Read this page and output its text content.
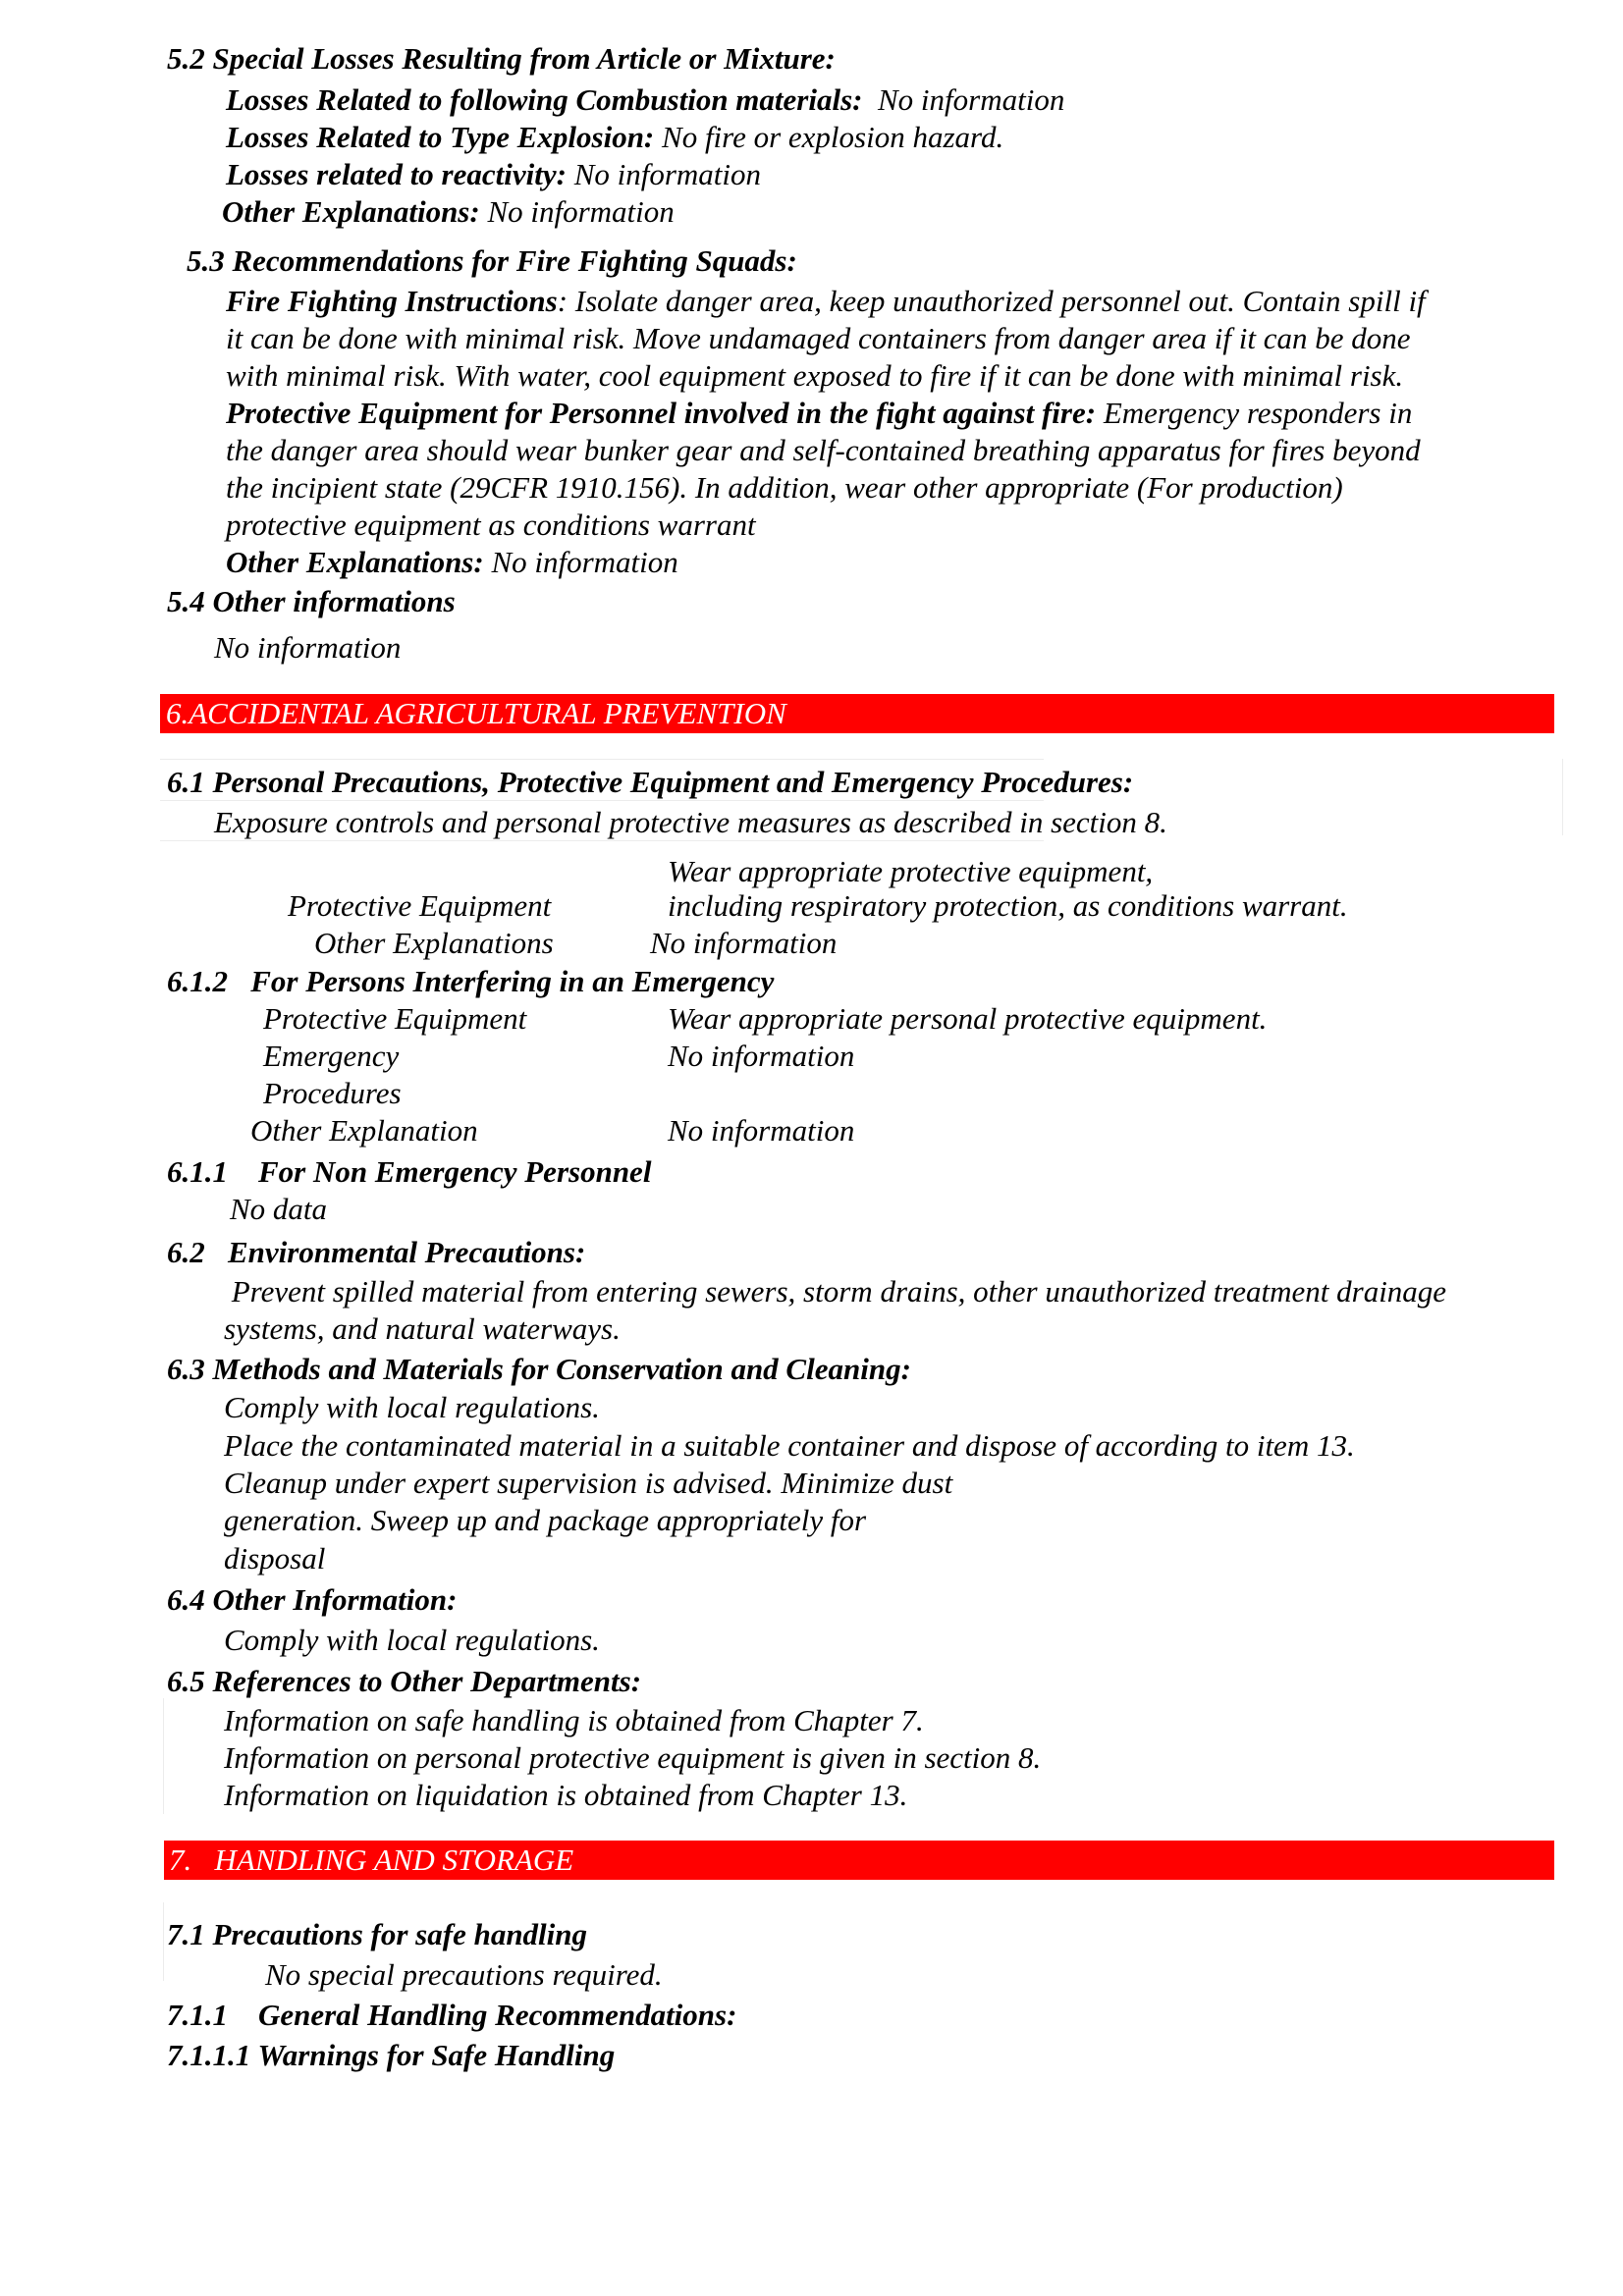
5.2 Special Losses Resulting from Article or Mixture:
Losses Related to following Combustion materials:  No information
Losses Related to Type Explosion: No fire or explosion hazard.
Losses related to reactivity: No information
Other Explanations: No information
5.3 Recommendations for Fire Fighting Squads:
Fire Fighting Instructions: Isolate danger area, keep unauthorized personnel out. Contain spill if
it can be done with minimal risk. Move undamaged containers from danger area if it can be done
with minimal risk. With water, cool equipment exposed to fire if it can be done with minimal risk.
Protective Equipment for Personnel involved in the fight against fire: Emergency responders in
the danger area should wear bunker gear and self-contained breathing apparatus for fires beyond
the incipient state (29CFR 1910.156). In addition, wear other appropriate (For production)
protective equipment as conditions warrant
Other Explanations: No information
5.4 Other informations
No information
6.ACCIDENTAL AGRICULTURAL PREVENTION
6.1 Personal Precautions, Protective Equipment and Emergency Procedures:
Exposure controls and personal protective measures as described in section 8.
Wear appropriate protective equipment,
Protective Equipment	including respiratory protection, as conditions warrant.
Other Explanations	No information
6.1.2   For Persons Interfering in an Emergency
Protective Equipment	Wear appropriate personal protective equipment.
Emergency	No information
Procedures
Other Explanation	No information
6.1.1    For Non Emergency Personnel
No data
6.2   Environmental Precautions:
Prevent spilled material from entering sewers, storm drains, other unauthorized treatment drainage
systems, and natural waterways.
6.3 Methods and Materials for Conservation and Cleaning:
Comply with local regulations.
Place the contaminated material in a suitable container and dispose of according to item 13.
Cleanup under expert supervision is advised. Minimize dust
generation. Sweep up and package appropriately for
disposal
6.4 Other Information:
Comply with local regulations.
6.5 References to Other Departments:
Information on safe handling is obtained from Chapter 7.
Information on personal protective equipment is given in section 8.
Information on liquidation is obtained from Chapter 13.
7.   HANDLING AND STORAGE
7.1 Precautions for safe handling
No special precautions required.
7.1.1    General Handling Recommendations:
7.1.1.1 Warnings for Safe Handling
